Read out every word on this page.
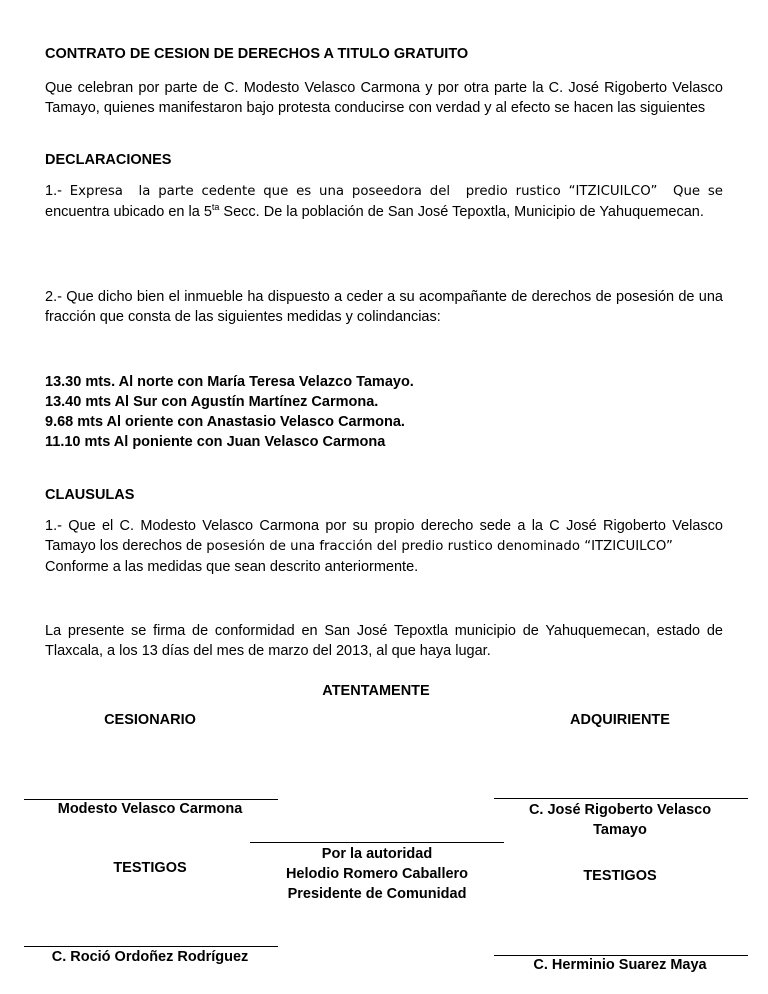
CONTRATO DE CESION DE DERECHOS A TITULO GRATUITO
Que celebran por parte de C. Modesto Velasco Carmona y por otra parte la C. José Rigoberto Velasco Tamayo, quienes manifestaron bajo protesta conducirse con verdad y al efecto se hacen las siguientes
DECLARACIONES
1.- Expresa  la parte cedente que es una poseedora del  predio rustico “ITZICUILCO”  Que se
encuentra ubicado en la $5^{ta}$ Secc. De la población de San José Tepoxtla, Municipio de Yahuquemecan.
2.- Que dicho bien el inmueble ha dispuesto a ceder a su acompañante de derechos de posesión de una fracción que consta de las siguientes medidas y colindancias:
13.30 mts. Al norte con María Teresa Velazco Tamayo.
13.40 mts Al Sur con Agustín Martínez Carmona.
9.68 mts Al oriente con Anastasio Velasco Carmona.
11.10 mts Al poniente con Juan Velasco Carmona
CLAUSULAS
1.- Que el C. Modesto Velasco Carmona por su propio derecho sede a la C José Rigoberto Velasco Tamayo los derechos de posesión de una fracción del predio rustico denominado “ITZICUILCO”
Conforme a las medidas que sean descrito anteriormente.
La presente se firma de conformidad en San José Tepoxtla municipio de Yahuquemecan, estado de Tlaxcala, a los 13 días del mes de marzo del 2013, al que haya lugar.
ATENTAMENTE
CESIONARIO	ADQUIRIENTE
Modesto Velasco Carmona	C. José Rigoberto Velasco
Tamayo
Por la autoridad
Helodio Romero Caballero
Presidente de Comunidad
TESTIGOS	TESTIGOS
C. Roció Ordoñez Rodríguez	C. Herminio Suarez Maya
